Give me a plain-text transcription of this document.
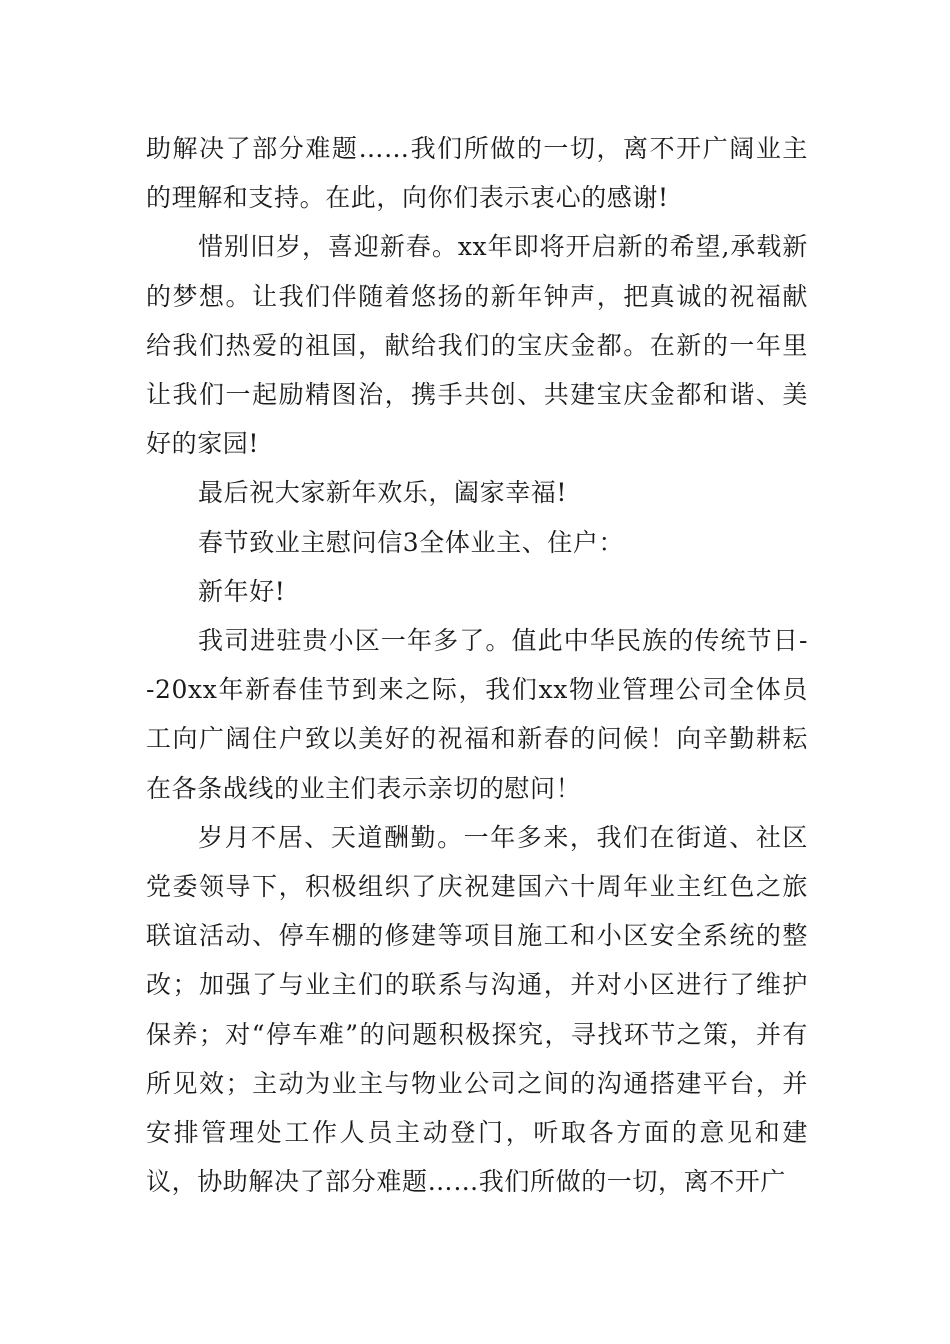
助解决了部分难题……我们所做的一切，离不开广阔业主的理解和支持。在此，向你们表示衷心的感谢!

惜别旧岁，喜迎新春。xx年即将开启新的希望,承载新的梦想。让我们伴随着悠扬的新年钟声，把真诚的祝福献给我们热爱的祖国，献给我们的宝庆金都。在新的一年里让我们一起励精图治，携手共创、共建宝庆金都和谐、美好的家园!

最后祝大家新年欢乐，阖家幸福!

春节致业主慰问信3全体业主、住户：

新年好!

我司进驻贵小区一年多了。值此中华民族的传统节日--20xx年新春佳节到来之际，我们xx物业管理公司全体员工向广阔住户致以美好的祝福和新春的问候！向辛勤耕耘在各条战线的业主们表示亲切的慰问！

岁月不居、天道酬勤。一年多来，我们在街道、社区党委领导下，积极组织了庆祝建国六十周年业主红色之旅联谊活动、停车棚的修建等项目施工和小区安全系统的整改；加强了与业主们的联系与沟通，并对小区进行了维护保养；对“停车难”的问题积极探究，寻找环节之策，并有所见效；主动为业主与物业公司之间的沟通搭建平台，并安排管理处工作人员主动登门，听取各方面的意见和建议，协助解决了部分难题……我们所做的一切，离不开广
